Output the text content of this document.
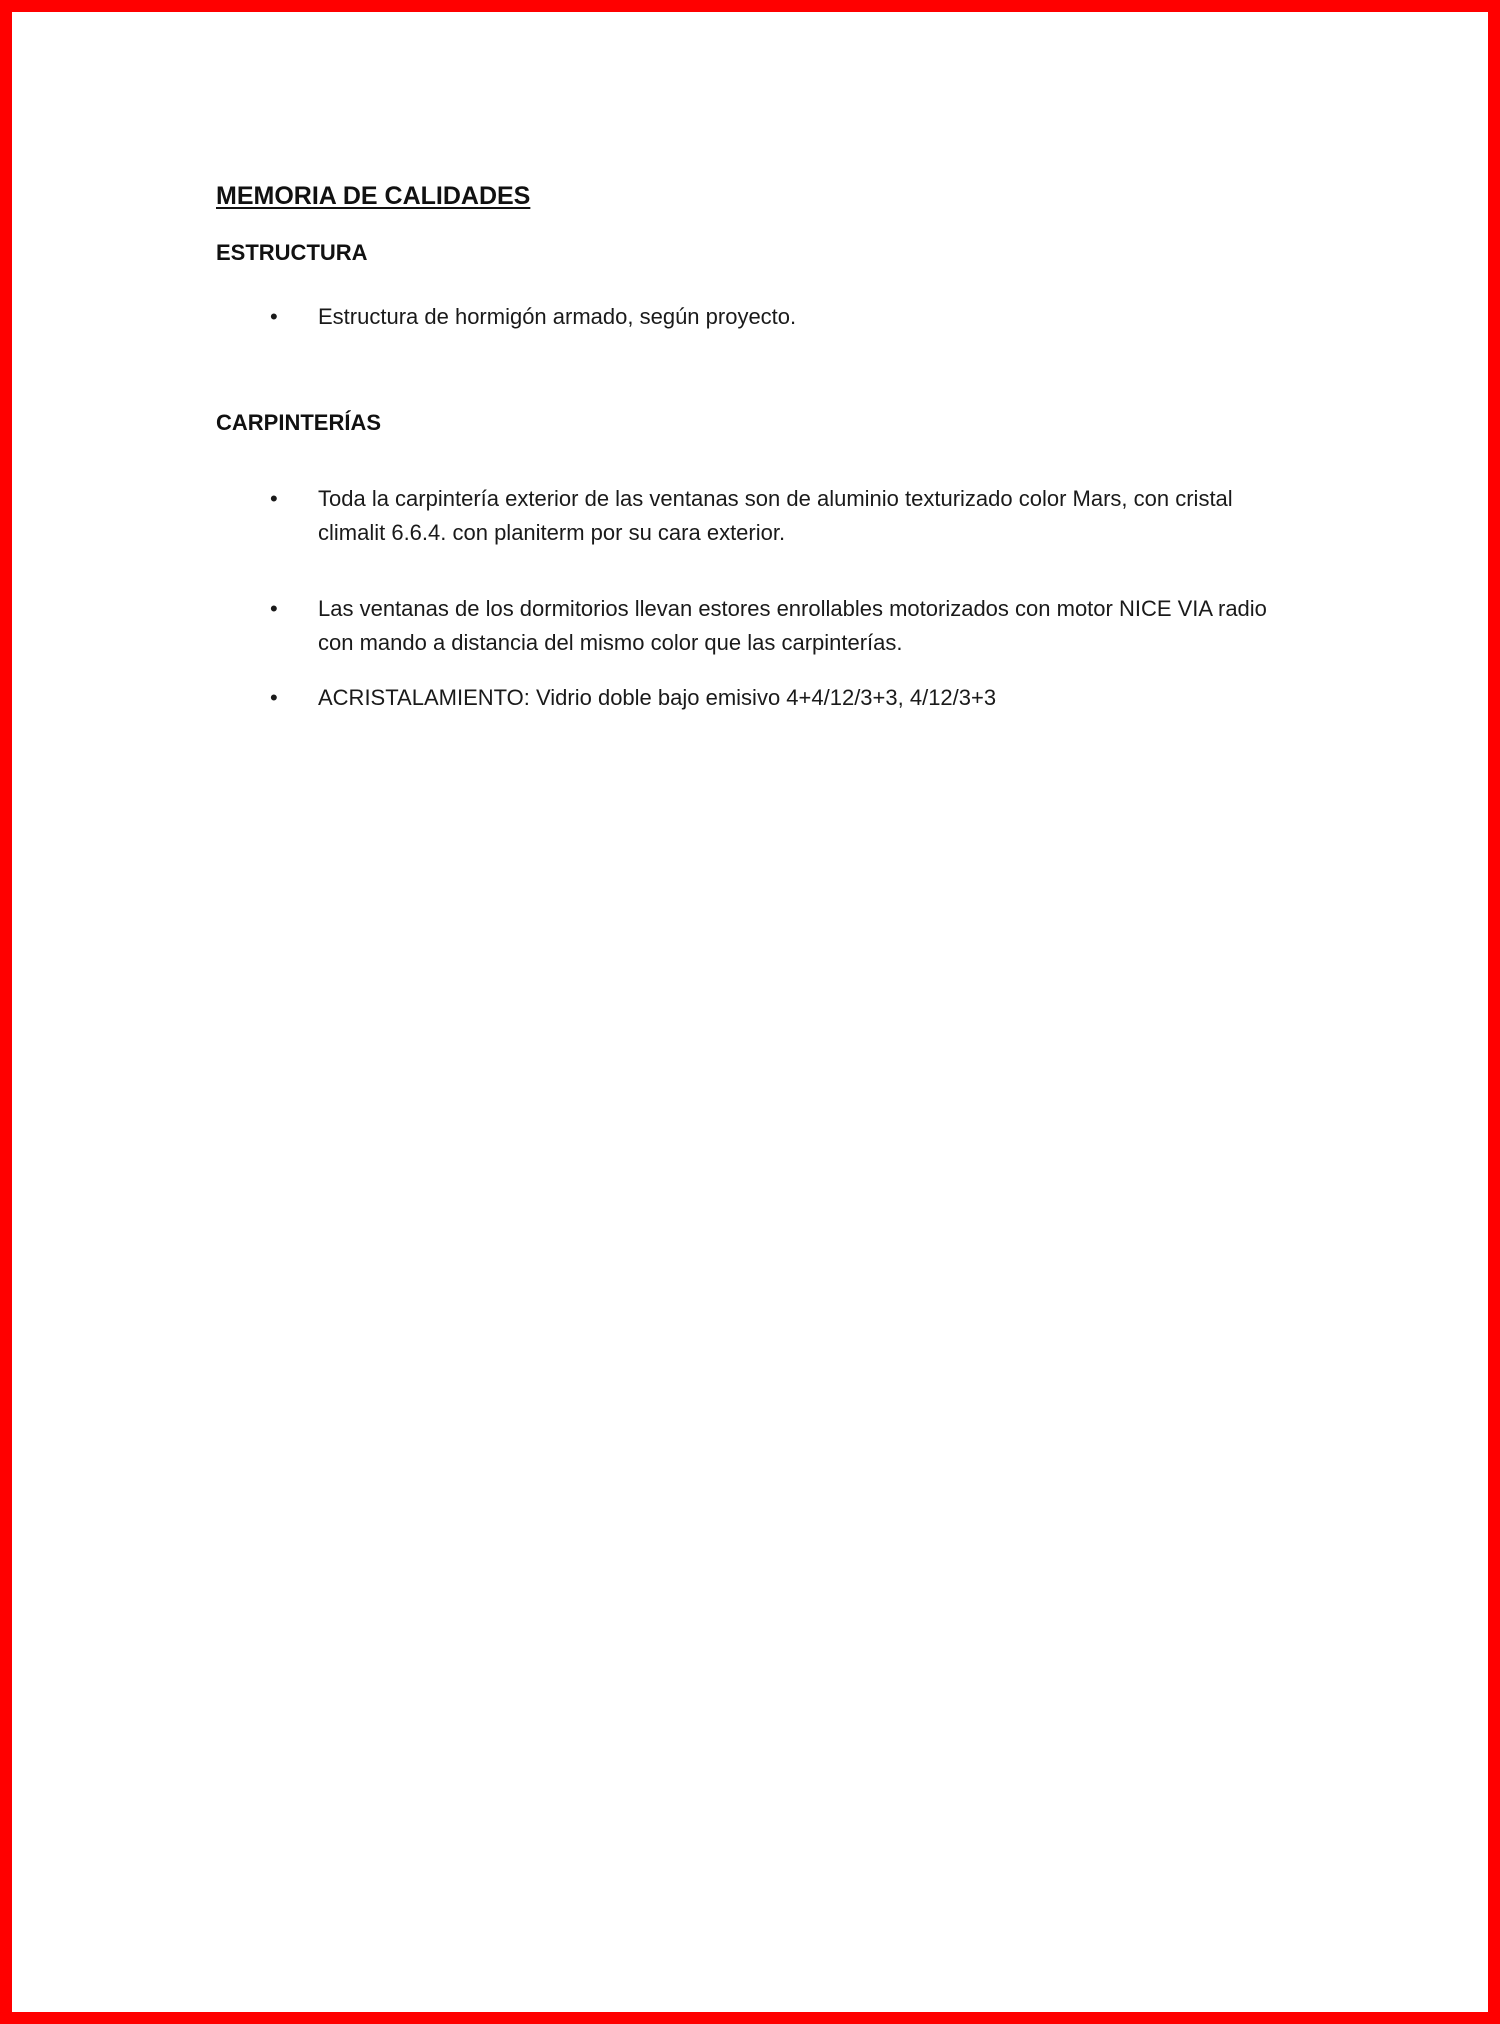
MEMORIA DE CALIDADES
ESTRUCTURA
• Estructura de hormigón armado, según proyecto.
CARPINTERÍAS
• Toda la carpintería exterior de las ventanas son de aluminio texturizado color Mars, con cristal climalit 6.6.4. con planiterm por su cara exterior.
• Las ventanas de los dormitorios llevan estores enrollables motorizados con motor NICE VIA radio con mando a distancia del mismo color que las carpinterías.
• ACRISTALAMIENTO: Vidrio doble bajo emisivo 4+4/12/3+3, 4/12/3+3
